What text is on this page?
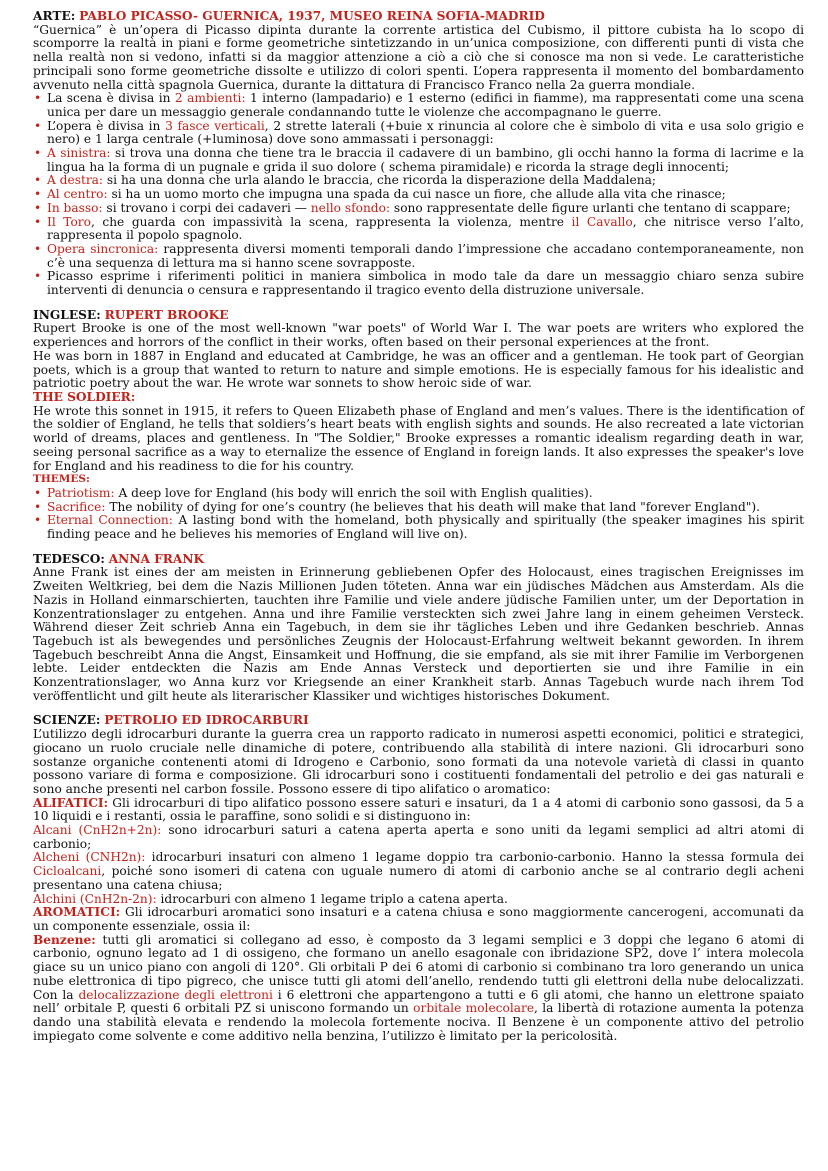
ARTE: PABLO PICASSO- GUERNICA, 1937, MUSEO REINA SOFIA-MADRID

“Guernica” è un’opera di Picasso dipinta durante la corrente artistica del Cubismo, il pittore cubista ha lo scopo di scomporre la realtà in piani e forme geometriche sintetizzando in un’unica composizione, con differenti punti di vista che nella realtà non si vedono, infatti si da maggior attenzione a ciò a ciò che si conosce ma non si vede. Le caratteristiche principali sono forme geometriche dissolte e utilizzo di colori spenti. L’opera rappresenta il momento del bombardamento avvenuto nella città spagnola Guernica, durante la dittatura di Francisco Franco nella 2a guerra mondiale.

• La scena è divisa in 2 ambienti: 1 interno (lampadario) e 1 esterno (edifici in fiamme), ma rappresentati come una scena unica per dare un messaggio generale condannando tutte le violenze che accompagnano le guerre.
• L’opera è divisa in 3 fasce verticali, 2 strette laterali (+buie x rinuncia al colore che è simbolo di vita e usa solo grigio e nero) e 1 larga centrale (+luminosa) dove sono ammassati i personaggi:
• A sinistra: si trova una donna che tiene tra le braccia il cadavere di un bambino, gli occhi hanno la forma di lacrime e la lingua ha la forma di un pugnale e grida il suo dolore ( schema piramidale) e ricorda la strage degli innocenti;
• A destra: si ha una donna che urla alando le braccia, che ricorda la disperazione della Maddalena;
• Al centro: si ha un uomo morto che impugna una spada da cui nasce un fiore, che allude alla vita che rinasce;
• In basso: si trovano i corpi dei cadaveri — nello sfondo: sono rappresentate delle figure urlanti che tentano di scappare;
• Il Toro, che guarda con impassività la scena, rappresenta la violenza, mentre il Cavallo, che nitrisce verso l’alto, rappresenta il popolo spagnolo.
• Opera sincronica: rappresenta diversi momenti temporali dando l’impressione che accadano contemporaneamente, non c’è una sequenza di lettura ma si hanno scene sovrapposte.
• Picasso esprime i riferimenti politici in maniera simbolica in modo tale da dare un messaggio chiaro senza subire interventi di denuncia o censura e rappresentando il tragico evento della distruzione universale.
INGLESE: RUPERT BROOKE

Rupert Brooke is one of the most well-known "war poets" of World War I. The war poets are writers who explored the experiences and horrors of the conflict in their works, often based on their personal experiences at the front.

He was born in 1887 in England and educated at Cambridge, he was an officer and a gentleman. He took part of Georgian poets, which is a group that wanted to return to nature and simple emotions. He is especially famous for his idealistic and patriotic poetry about the war. He wrote war sonnets to show heroic side of war.

THE SOLDIER:

He wrote this sonnet in 1915, it refers to Queen Elizabeth phase of England and men’s values. There is the identification of the soldier of England, he tells that soldiers’s heart beats with english sights and sounds. He also recreated a late victorian world of dreams, places and gentleness. In "The Soldier," Brooke expresses a romantic idealism regarding death in war, seeing personal sacrifice as a way to eternalize the essence of England in foreign lands. It also expresses the speaker's love for England and his readiness to die for his country.

THEMES:
• Patriotism: A deep love for England (his body will enrich the soil with English qualities).
• Sacrifice: The nobility of dying for one’s country (he believes that his death will make that land "forever England").
• Eternal Connection: A lasting bond with the homeland, both physically and spiritually (the speaker imagines his spirit finding peace and he believes his memories of England will live on).
TEDESCO: ANNA FRANK

Anne Frank ist eines der am meisten in Erinnerung gebliebenen Opfer des Holocaust, eines tragischen Ereignisses im Zweiten Weltkrieg, bei dem die Nazis Millionen Juden töteten. Anna war ein jüdisches Mädchen aus Amsterdam. Als die Nazis in Holland einmarschierten, tauchten ihre Familie und viele andere jüdische Familien unter, um der Deportation in Konzentrationslager zu entgehen. Anna und ihre Familie versteckten sich zwei Jahre lang in einem geheimen Versteck. Während dieser Zeit schrieb Anna ein Tagebuch, in dem sie ihr tägliches Leben und ihre Gedanken beschrieb. Annas Tagebuch ist als bewegendes und persönliches Zeugnis der Holocaust-Erfahrung weltweit bekannt geworden. In ihrem Tagebuch beschreibt Anna die Angst, Einsamkeit und Hoffnung, die sie empfand, als sie mit ihrer Familie im Verborgenen lebte. Leider entdeckten die Nazis am Ende Annas Versteck und deportierten sie und ihre Familie in ein Konzentrationslager, wo Anna kurz vor Kriegsende an einer Krankheit starb. Annas Tagebuch wurde nach ihrem Tod veröffentlicht und gilt heute als literarischer Klassiker und wichtiges historisches Dokument.

SCIENZE: PETROLIO ED IDROCARBURI

L’utilizzo degli idrocarburi durante la guerra crea un rapporto radicato in numerosi aspetti economici, politici e strategici, giocano un ruolo cruciale nelle dinamiche di potere, contribuendo alla stabilità di intere nazioni. Gli idrocarburi sono sostanze organiche contenenti atomi di Idrogeno e Carbonio, sono formati da una notevole varietà di classi in quanto possono variare di forma e composizione. Gli idrocarburi sono i costituenti fondamentali del petrolio e dei gas naturali e sono anche presenti nel carbon fossile. Possono essere di tipo alifatico o aromatico:

ALIFATICI: Gli idrocarburi di tipo alifatico possono essere saturi e insaturi, da 1 a 4 atomi di carbonio sono gassosi, da 5 a 10 liquidi e i restanti, ossia le paraffine, sono solidi e si distinguono in:

Alcani (CnH2n+2n): sono idrocarburi saturi a catena aperta aperta e sono uniti da legami semplici ad altri atomi di carbonio;

Alcheni (CNH2n): idrocarburi insaturi con almeno 1 legame doppio tra carbonio-carbonio. Hanno la stessa formula dei Cicloalcani, poiché sono isomeri di catena con uguale numero di atomi di carbonio anche se al contrario degli acheni presentano una catena chiusa;

Alchini (CnH2n-2n): idrocarburi con almeno 1 legame triplo a catena aperta.

AROMATICI: Gli idrocarburi aromatici sono insaturi e a catena chiusa e sono maggiormente cancerogeni, accomunati da un componente essenziale, ossia il:

Benzene: tutti gli aromatici si collegano ad esso, è composto da 3 legami semplici e 3 doppi che legano 6 atomi di carbonio, ognuno legato ad 1 di ossigeno, che formano un anello esagonale con ibridazione SP2, dove l’ intera molecola giace su un unico piano con angoli di 120°. Gli orbitali P dei 6 atomi di carbonio si combinano tra loro generando un unica nube elettronica di tipo pigreco, che unisce tutti gli atomi dell’anello, rendendo tutti gli elettroni della nube delocalizzati. Con la delocalizzazione degli elettroni i 6 elettroni che appartengono a tutti e 6 gli atomi, che hanno un elettrone spaiato nell’ orbitale P, questi 6 orbitali PZ si uniscono formando un orbitale molecolare, la libertà di rotazione aumenta la potenza dando una stabilità elevata e rendendo la molecola fortemente nociva. Il Benzene è un componente attivo del petrolio impiegato come solvente e come additivo nella benzina, l’utilizzo è limitato per la pericolosità.
